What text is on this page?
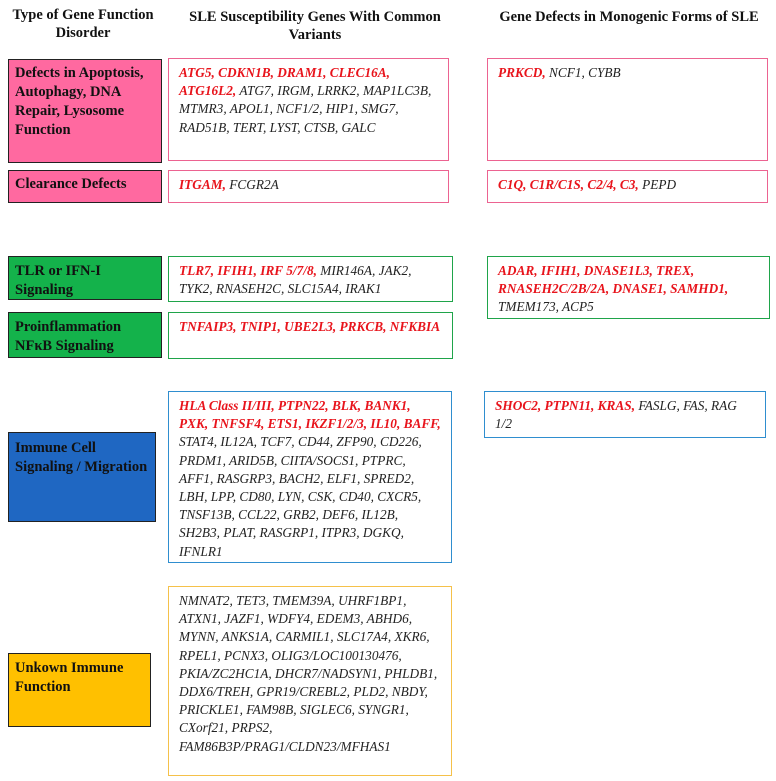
Type of Gene Function Disorder
SLE Susceptibility Genes With Common Variants
Gene Defects in Monogenic Forms of SLE
Defects in Apoptosis, Autophagy, DNA Repair, Lysosome Function
Clearance Defects
TLR or IFN-I Signaling
Proinflammation NFκB Signaling
Immune Cell Signaling / Migration
Unkown Immune Function
ATG5, CDKN1B, DRAM1, CLEC16A, ATG16L2, ATG7, IRGM, LRRK2, MAP1LC3B, MTMR3, APOL1, NCF1/2, HIP1, SMG7, RAD51B, TERT, LYST, CTSB, GALC
ITGAM, FCGR2A
TLR7, IFIH1, IRF 5/7/8, MIR146A, JAK2, TYK2, RNASEH2C, SLC15A4, IRAK1
TNFAIP3, TNIP1, UBE2L3, PRKCB, NFKBIA
HLA Class II/III, PTPN22, BLK, BANK1, PXK, TNFSF4, ETS1, IKZF1/2/3, IL10, BAFF, STAT4, IL12A, TCF7, CD44, ZFP90, CD226, PRDM1, ARID5B, CIITA/SOCS1, PTPRC, AFF1, RASGRP3, BACH2, ELF1, SPRED2, LBH, LPP, CD80, LYN, CSK, CD40, CXCR5, TNSF13B, CCL22, GRB2, DEF6, IL12B, SH2B3, PLAT, RASGRP1, ITPR3, DGKQ, IFNLR1
NMNAT2, TET3, TMEM39A, UHRF1BP1, ATXN1, JAZF1, WDFY4, EDEM3, ABHD6, MYNN, ANKS1A, CARMIL1, SLC17A4, XKR6, RPEL1, PCNX3, OLIG3/LOC100130476, PKIA/ZC2HC1A, DHCR7/NADSYN1, PHLDB1, DDX6/TREH, GPR19/CREBL2, PLD2, NBDY, PRICKLE1, FAM98B, SIGLEC6, SYNGR1, CXorf21, PRPS2, FAM86B3P/PRAG1/CLDN23/MFHAS1
PRKCD, NCF1, CYBB
C1Q, C1R/C1S, C2/4, C3, PEPD
ADAR, IFIH1, DNASE1L3, TREX, RNASEH2C/2B/2A, DNASE1, SAMHD1, TMEM173, ACP5
SHOC2, PTPN11, KRAS, FASLG, FAS, RAG 1/2
